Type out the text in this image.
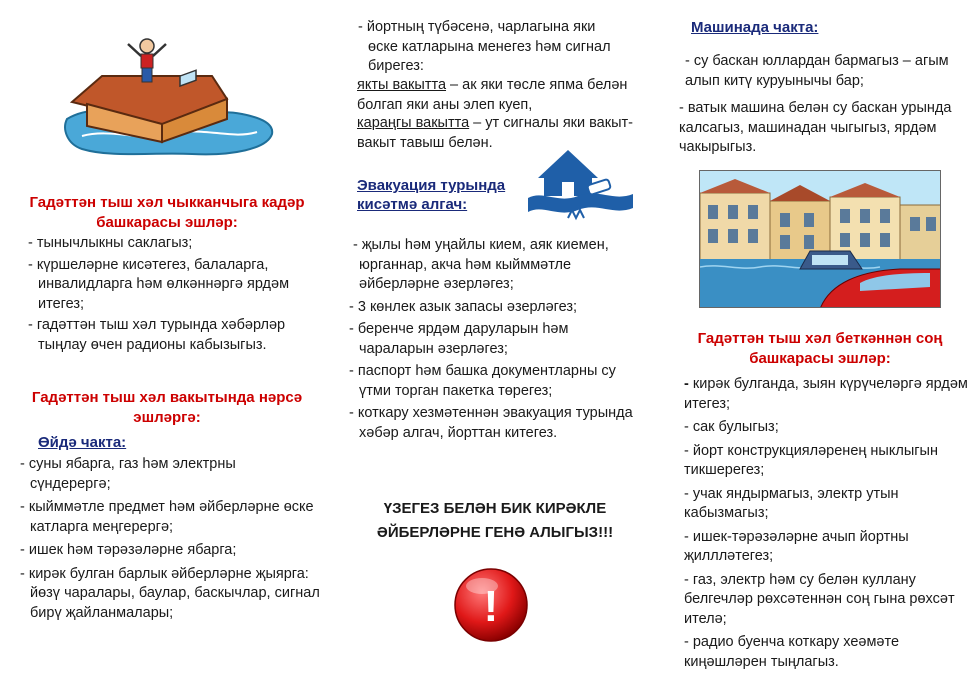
Гадәттән тыш хәл чыкканчыга кадәр башкарасы эшләр:
- тынычлыкны саклагыз;
- күршеләрне кисәтегез, балаларга, инвалидларга һәм өлкәннәргә ярдәм итегез;
- гадәттән тыш хәл турында хәбәрләр тыңлау өчен радионы кабызыгыз.
Гадәттән тыш хәл вакытында нәрсә эшләргә:
Өйдә чакта:
- суны ябарга, газ һәм электрны сүндерергә;
- кыйммәтле предмет һәм әйберләрне өске катларга меңгерергә;
- ишек һәм тәрәзәләрне ябарга;
- кирәк булган барлык әйберләрне җыярга: йөзү чаралары, баулар, баскычлар, сигнал бирү җайланмалары;
- йортның түбәсенә, чарлагына яки өске катларына менегез һәм сигнал бирегез:
якты вакытта – ак яки төсле япма белән болгап яки аны элеп куеп,
караңгы вакытта – ут сигналы яки вакыт-вакыт тавыш белән.
Эвакуация турында кисәтмә алгач:
- җылы һәм уңайлы кием, аяк киемен, юрганнар, акча һәм кыйммәтле әйберләрне әзерләгез;
- 3 көнлек азык запасы әзерләгез;
- беренче ярдәм даруларын һәм чараларын әзерләгез;
- паспорт һәм башка документларны су үтми торган пакетка төрегез;
- коткару хезмәтеннән эвакуация турында хәбәр алгач, йорттан китегез.
ҮЗЕГЕЗ БЕЛӘН БИК КИРӘКЛЕ ӘЙБЕРЛӘРНЕ ГЕНӘ АЛЫГЫЗ!!!
!
Машинада чакта:
- су баскан юллардан бармагыз – агым алып китү куруынычы бар;
- ватык машина белән су баскан урында калсагыз, машинадан чыгыгыз, ярдәм чакырыгыз.
Гадәттән тыш хәл беткәннән соң башкарасы эшләр:
- кирәк булганда, зыян күрүчеләргә ярдәм итегез;
- сак булыгыз;
- йорт конструкцияләренең ныклыгын тикшерегез;
- учак яндырмагыз, электр утын кабызмагыз;
- ишек-тәрәзәләрне ачып йортны җиллләтегез;
- газ, электр һәм су белән куллану белгечләр рөхсәтеннән соң гына рөхсәт ителә;
- радио буенча коткару хеәмәте киңәшләрен тыңлагыз.
